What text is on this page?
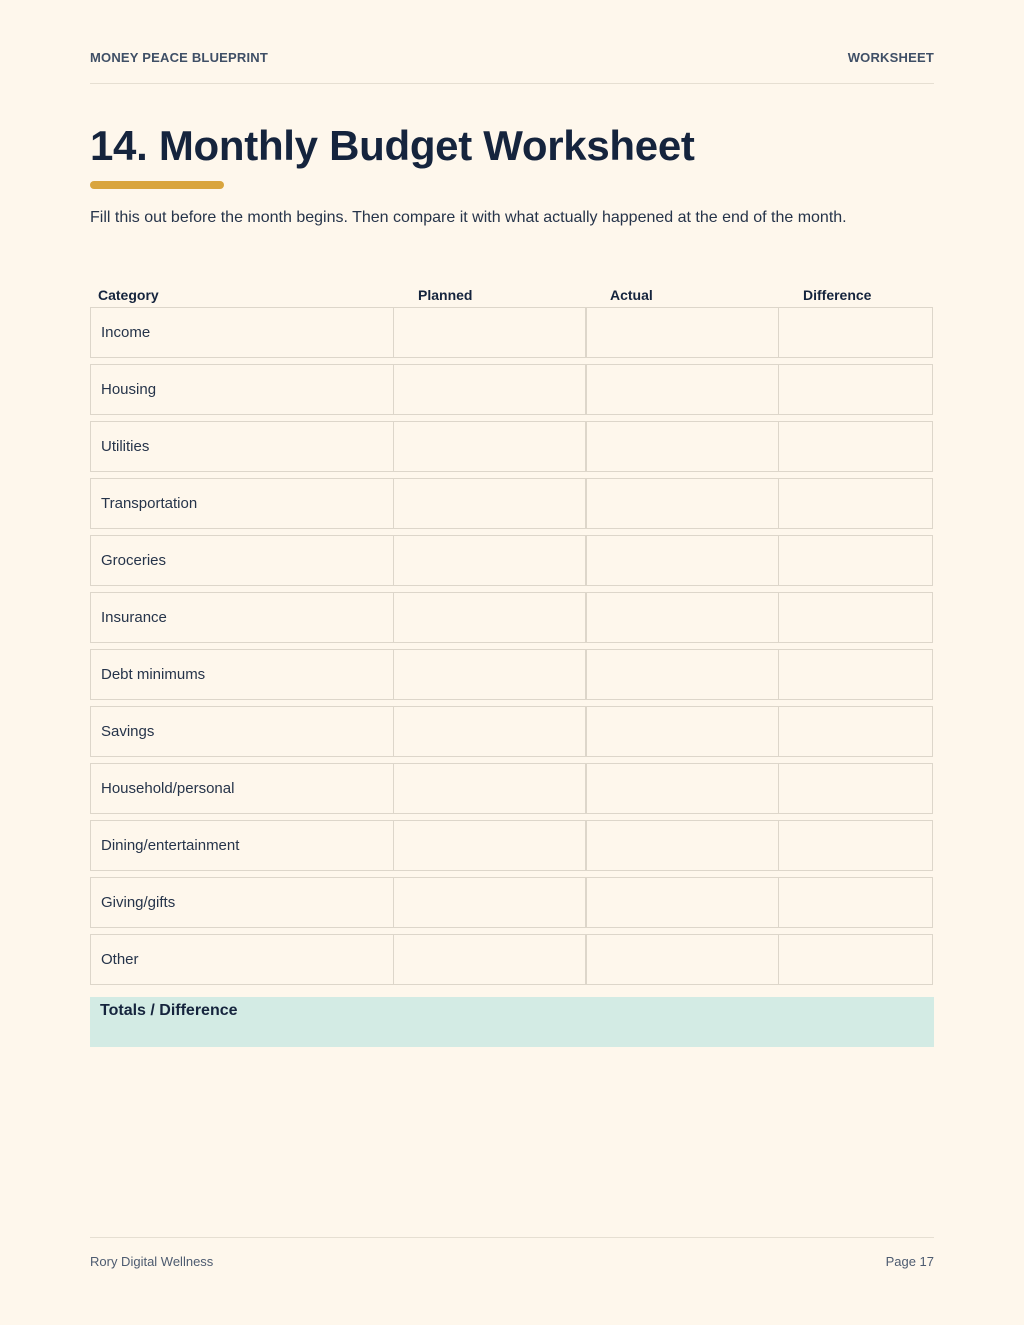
MONEY PEACE BLUEPRINT	WORKSHEET
14. Monthly Budget Worksheet

Fill this out before the month begins. Then compare it with what actually happened at the end of the month.

Category	Planned	Actual	Difference
Income
Housing
Utilities
Transportation
Groceries
Insurance
Debt minimums
Savings
Household/personal
Dining/entertainment
Giving/gifts
Other
Totals / Difference
Rory Digital Wellness	Page 17
